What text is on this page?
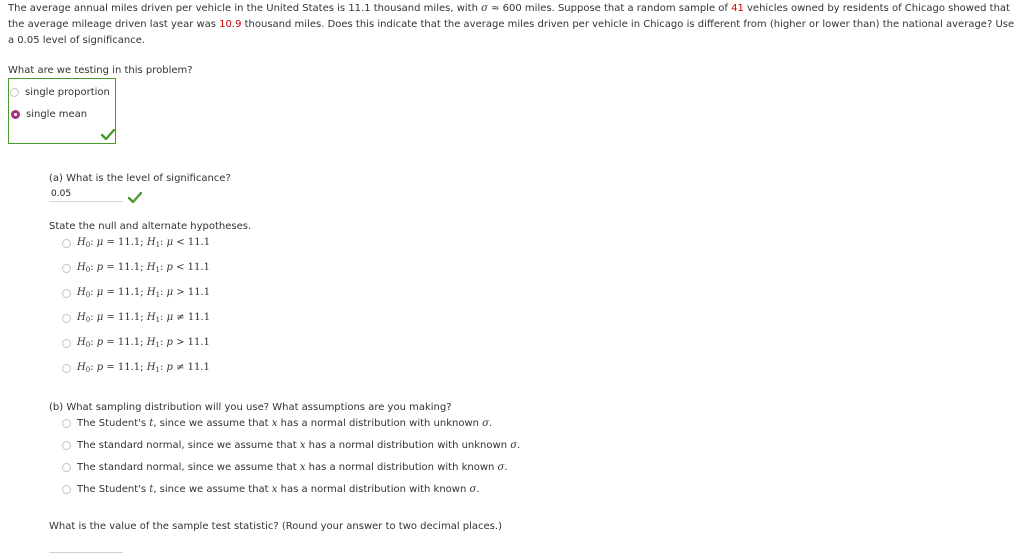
The average annual miles driven per vehicle in the United States is 11.1 thousand miles, with σ ≈ 600 miles. Suppose that a random sample of 41 vehicles owned by residents of Chicago showed that the average mileage driven last year was 10.9 thousand miles. Does this indicate that the average miles driven per vehicle in Chicago is different from (higher or lower than) the national average? Use a 0.05 level of significance.
What are we testing in this problem?
single proportion
single mean
(a) What is the level of significance?
0.05
State the null and alternate hypotheses.
$H_0$: μ = 11.1; $H_1$: μ < 11.1
$H_0$: p = 11.1; $H_1$: p < 11.1
$H_0$: μ = 11.1; $H_1$: μ > 11.1
$H_0$: μ = 11.1; $H_1$: μ ≠ 11.1
$H_0$: p = 11.1; $H_1$: p > 11.1
$H_0$: p = 11.1; $H_1$: p ≠ 11.1
(b) What sampling distribution will you use? What assumptions are you making?
The Student's t, since we assume that x has a normal distribution with unknown σ.
The standard normal, since we assume that x has a normal distribution with unknown σ.
The standard normal, since we assume that x has a normal distribution with known σ.
The Student's t, since we assume that x has a normal distribution with known σ.
What is the value of the sample test statistic? (Round your answer to two decimal places.)
